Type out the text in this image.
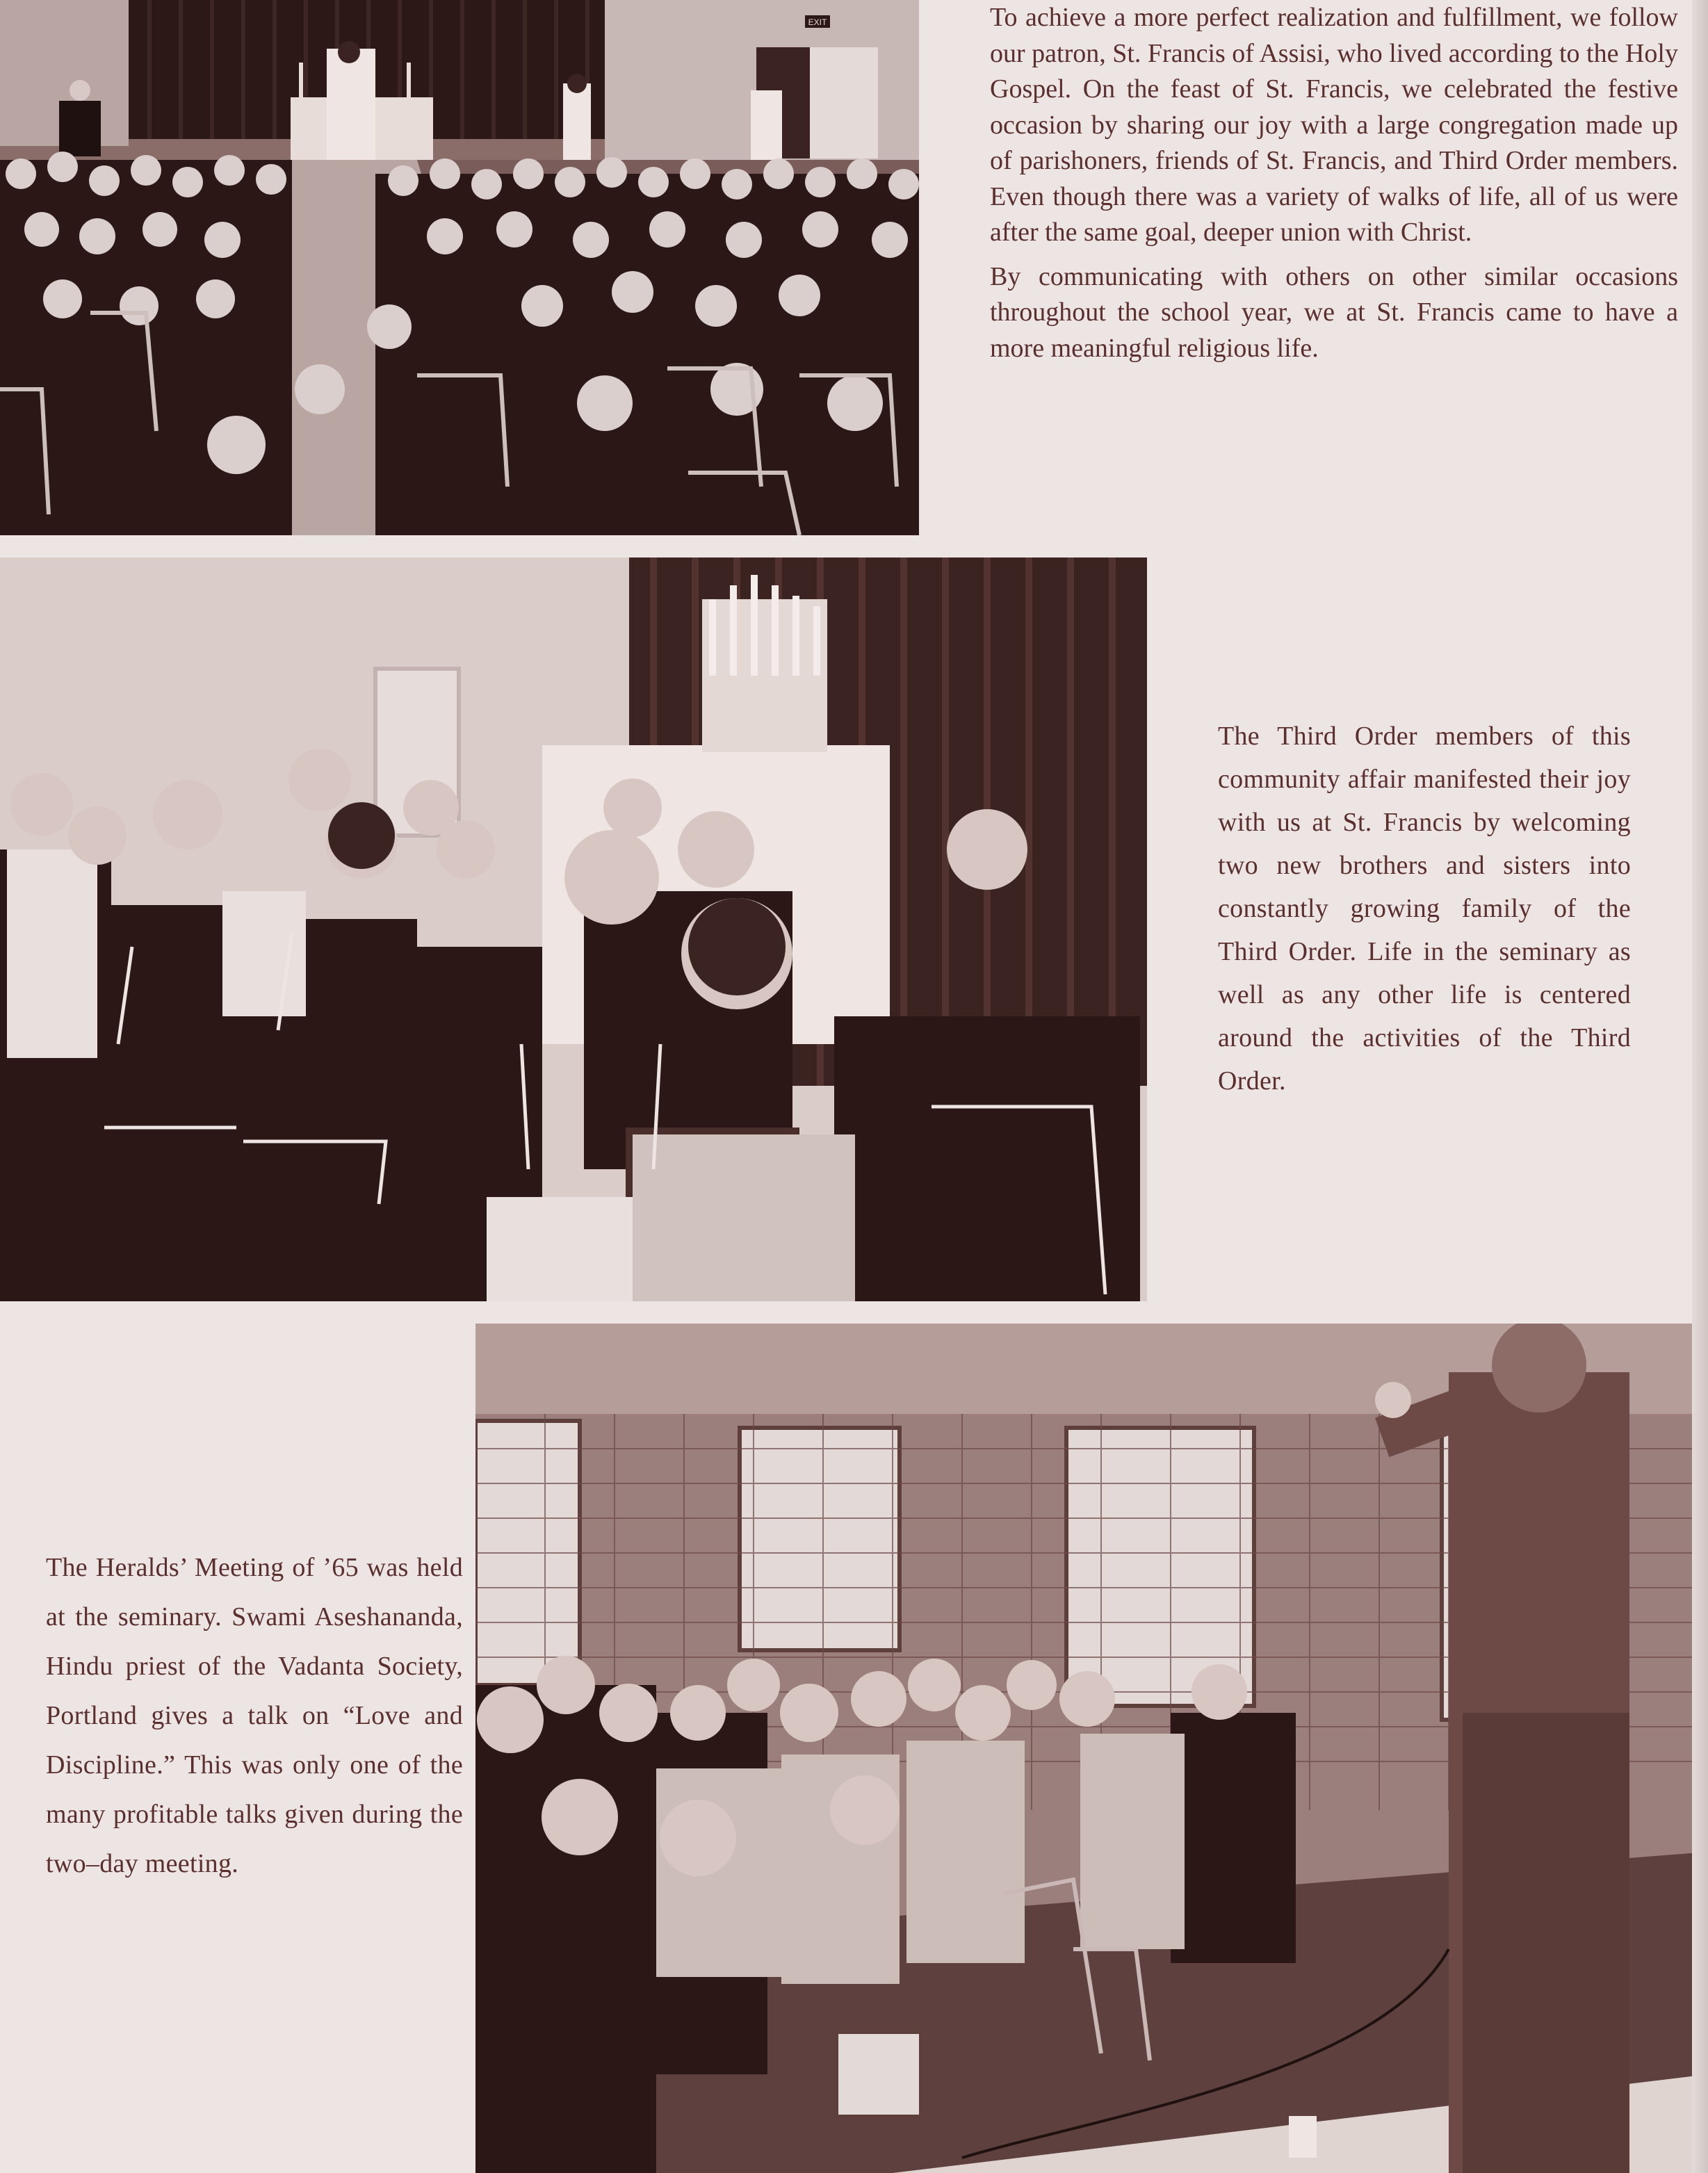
EXIT	To achieve a more perfect realization and fulfillment, we follow our patron, St. Francis of Assisi, who lived according to the Holy Gospel. On the feast of St. Francis, we celebrated the festive occasion by sharing our joy with a large congregation made up of parishoners, friends of St. Francis, and Third Order members. Even though there was a variety of walks of life, all of us were after the same goal, deeper union with Christ.

By communicating with others on other similar occasions throughout the school year, we at St. Francis came to have a more meaningful religious life.

The Third Order members of this community affair manifested their joy with us at St. Francis by welcoming two new brothers and sisters into constantly growing family of the Third Order. Life in the seminary as well as any other life is centered around the activities of the Third Order.

The Heralds’ Meeting of ’65 was held at the seminary. Swami Aseshananda, Hindu priest of the Vadanta Society, Portland gives a talk on “Love and Discipline.” This was only one of the many profitable talks given during the two–day meeting.
